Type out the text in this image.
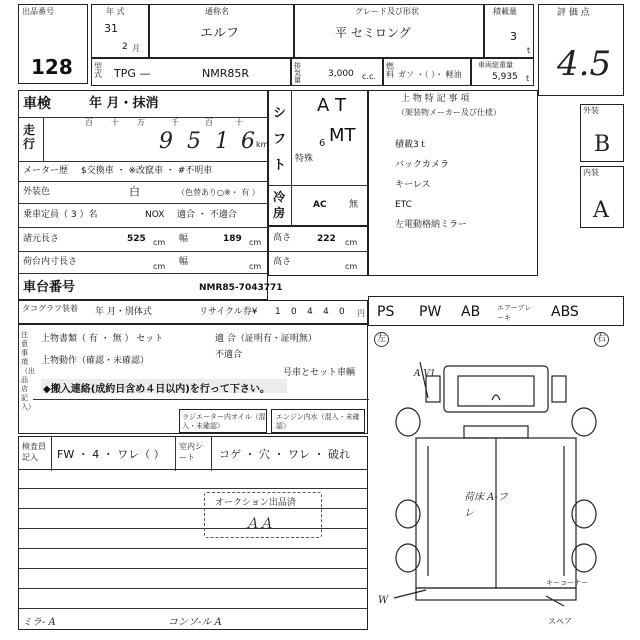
出品番号
128
年 式
31
2 月
通称名
エルフ
グレード及び形状
平 セミロング
積載量
3
t
評 価 点
4.5
型式 TPG —	NMR85R
排気量
3,000 c.c.
燃料 ガソ ・（ ）・ 軽油
車両総重量
5,935 t
車検	年 月・抹消
走行
百 十 万	千	百	十
9 5 1 6 km
メーター歴 $交換車 ・ ※改竄車 ・ #不明車
外装色	白	（色替あり○※・ 有 ）
乗車定員（ 3 ）名	NOX 適合 ・ 不適合
諸元長さ	525 cm 幅	189 cm
荷台内寸長さ	cm 幅	cm
車台番号	NMR85-7043771
高さ	222 cm
高さ	cm
シフト
A T
6 MT
特殊
冷房
AC 無
上 物 特 記 事 項
（架装物メーカー及び仕様）
積載3ｔ
バックカメラ
キーレス
ETC
左電動格納ミラー
外装
B
内装
A
タコグラフ装着	年 月・別体式	リサイクル券¥ 1 0 4 4 0 円 PS PW AB エアーブレーキ	ABS
注意事項（出品店記入）
上物書類（ 有 ・ 無 ） セット	適 合（証明有・証明無）
不適合
上物動作（確認・未確認）
号車とセット車輌
◆搬入連絡(成約日含め４日以内)を行って下さい。
ラジエーター内オイル（混入・未確認）
エンジン内水（混入・未確認）
検査員記入	FW ・ 4 ・ ワレ（ ）
室内シート	コゲ ・ 穴 ・ ワレ ・ 破れ
オークション出品済
ＡＡ
ミラ- A	コンソ-ル A
左	右
A V1
荷床 A-フレ
W
キーコーナー
スペア
